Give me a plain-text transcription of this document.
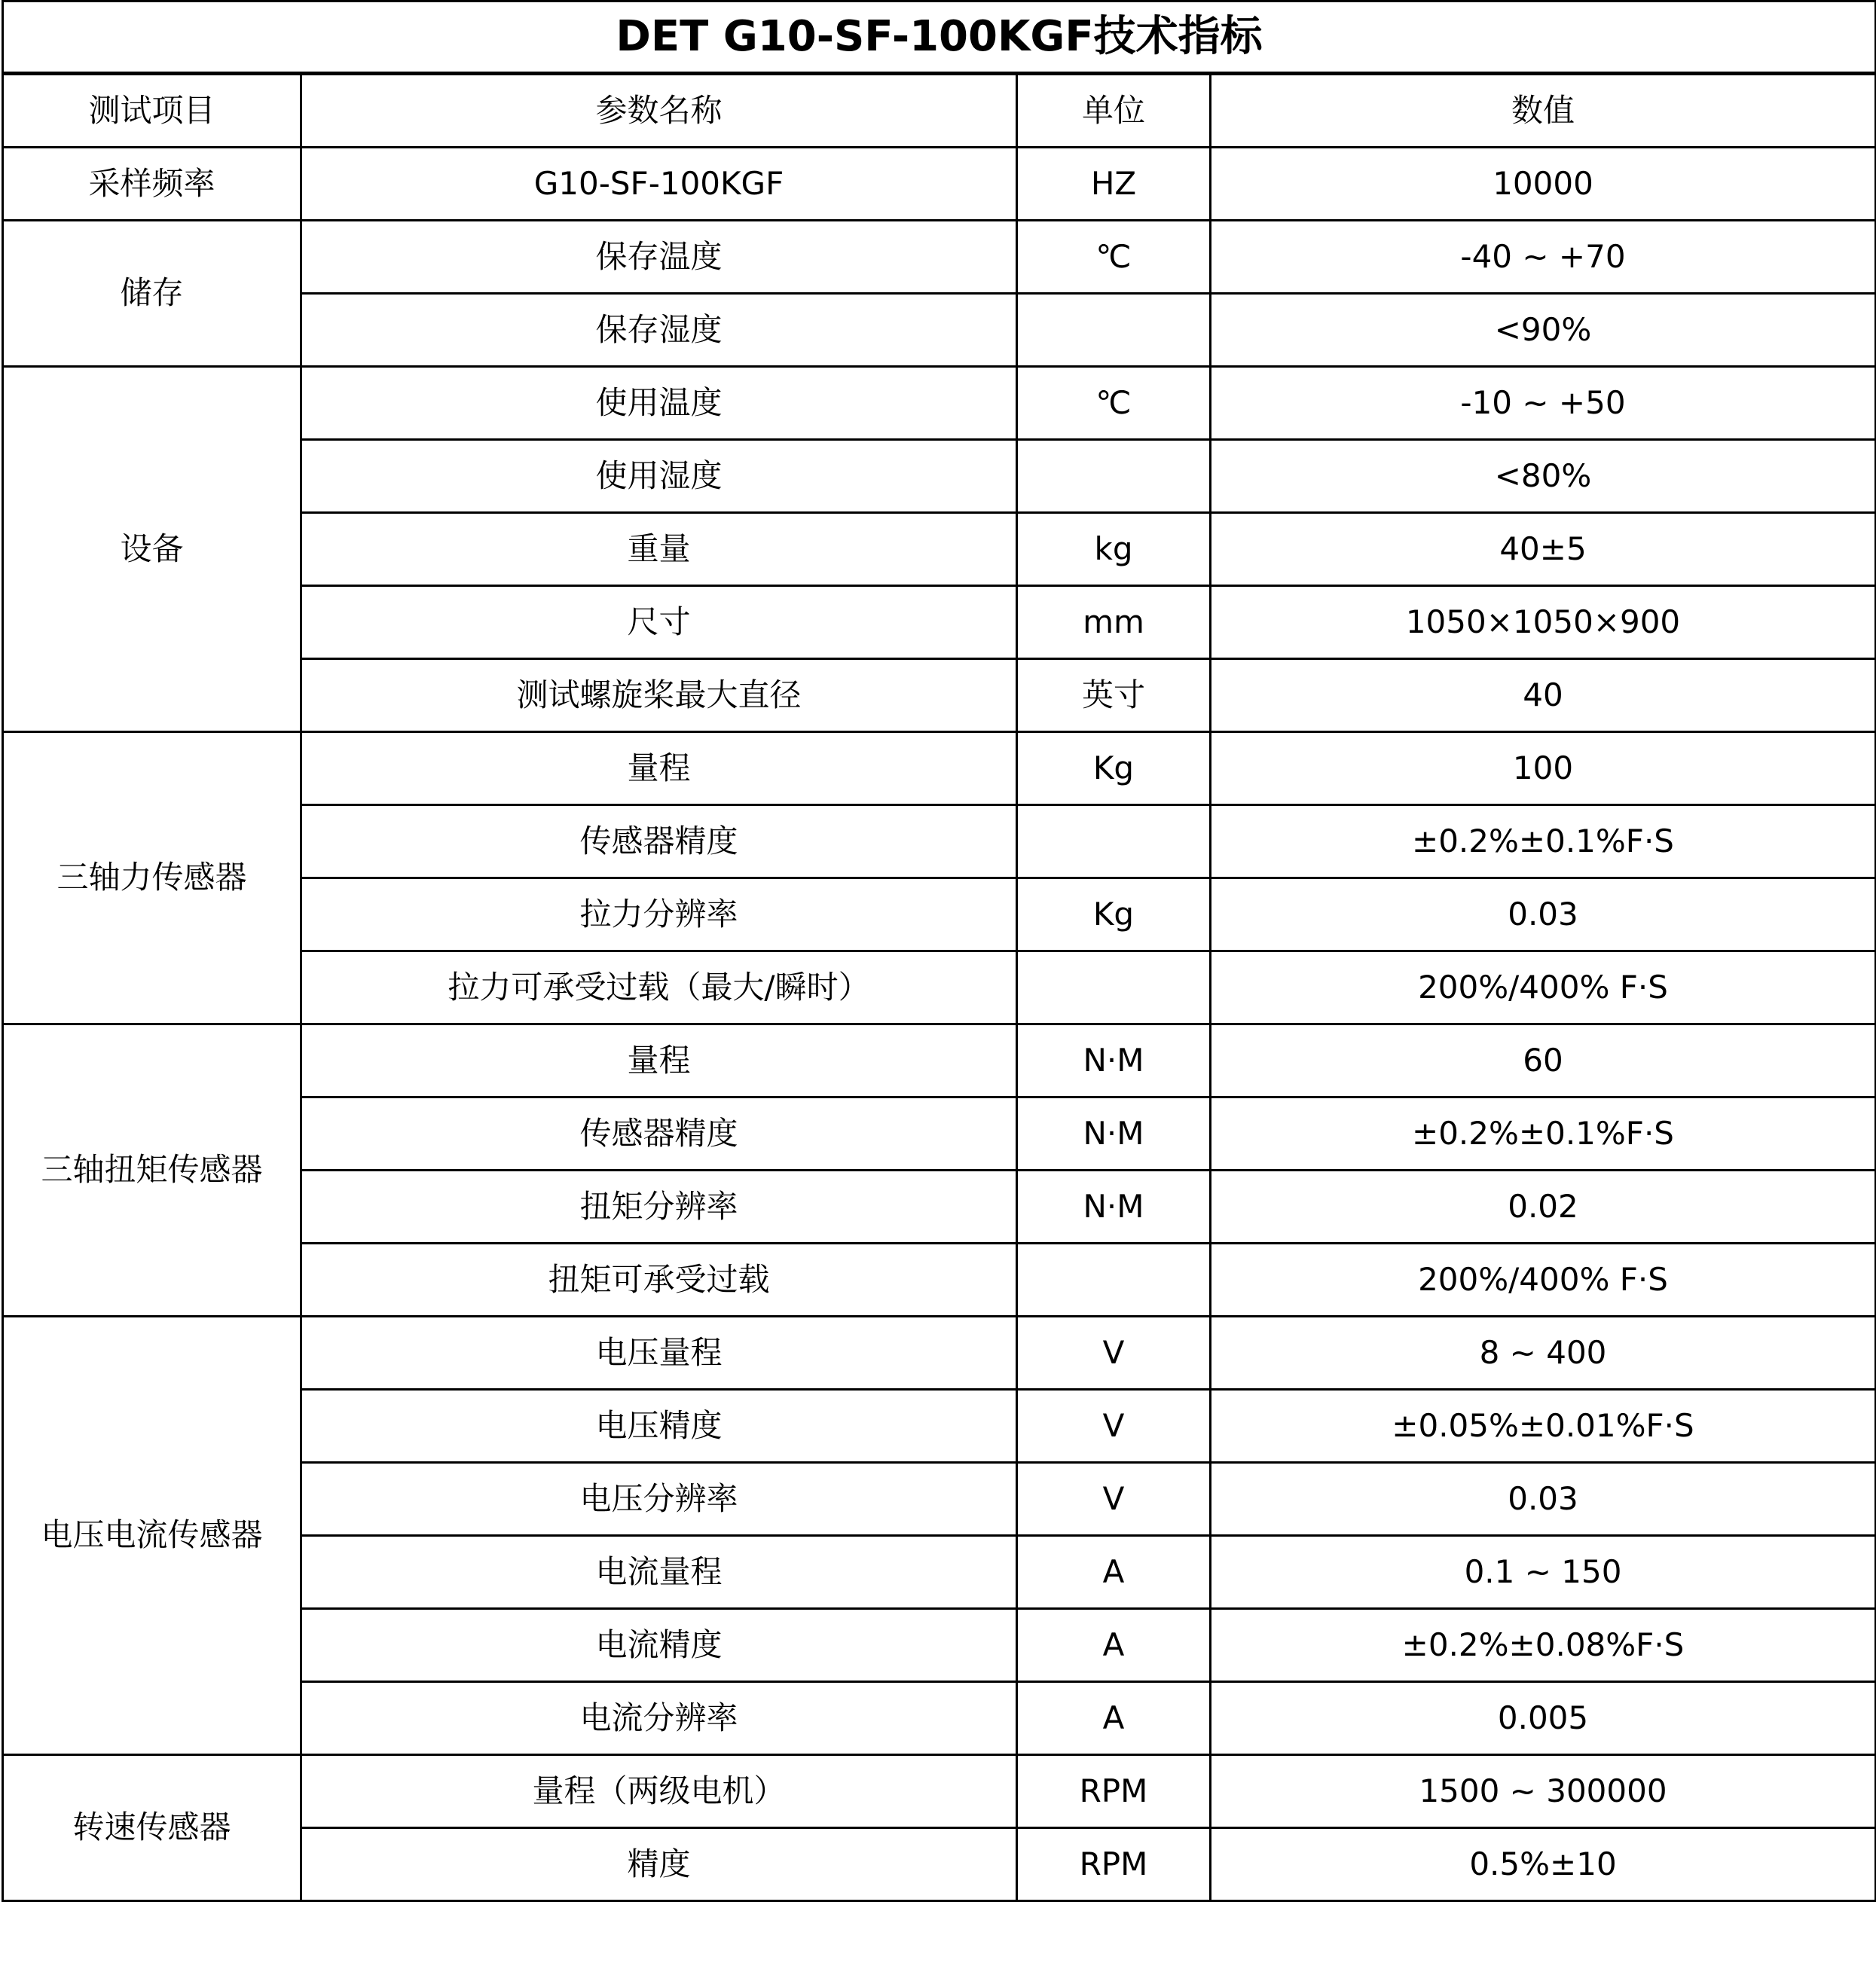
DET G10-SF-100KGF技术指标			
测试项目	参数名称	单位	数值
采样频率	G10-SF-100KGF	HZ	10000
储存	保存温度	℃	-40 ~ +70
	保存湿度		<90%
设备	使用温度	℃	-10 ~ +50
	使用湿度		<80%
	重量	kg	40±5
	尺寸	mm	1050×1050×900
	测试螺旋桨最大直径	英寸	40
三轴力传感器	量程	Kg	100
	传感器精度		±0.2%±0.1%F·S
	拉力分辨率	Kg	0.03
	拉力可承受过载（最大/瞬时）		200%/400% F·S
三轴扭矩传感器	量程	N·M	60
	传感器精度	N·M	±0.2%±0.1%F·S
	扭矩分辨率	N·M	0.02
	扭矩可承受过载		200%/400% F·S
电压电流传感器	电压量程	V	8 ~ 400
	电压精度	V	±0.05%±0.01%F·S
	电压分辨率	V	0.03
	电流量程	A	0.1 ~ 150
	电流精度	A	±0.2%±0.08%F·S
	电流分辨率	A	0.005
转速传感器	量程（两级电机）	RPM	1500 ~ 300000
	精度	RPM	0.5%±10
